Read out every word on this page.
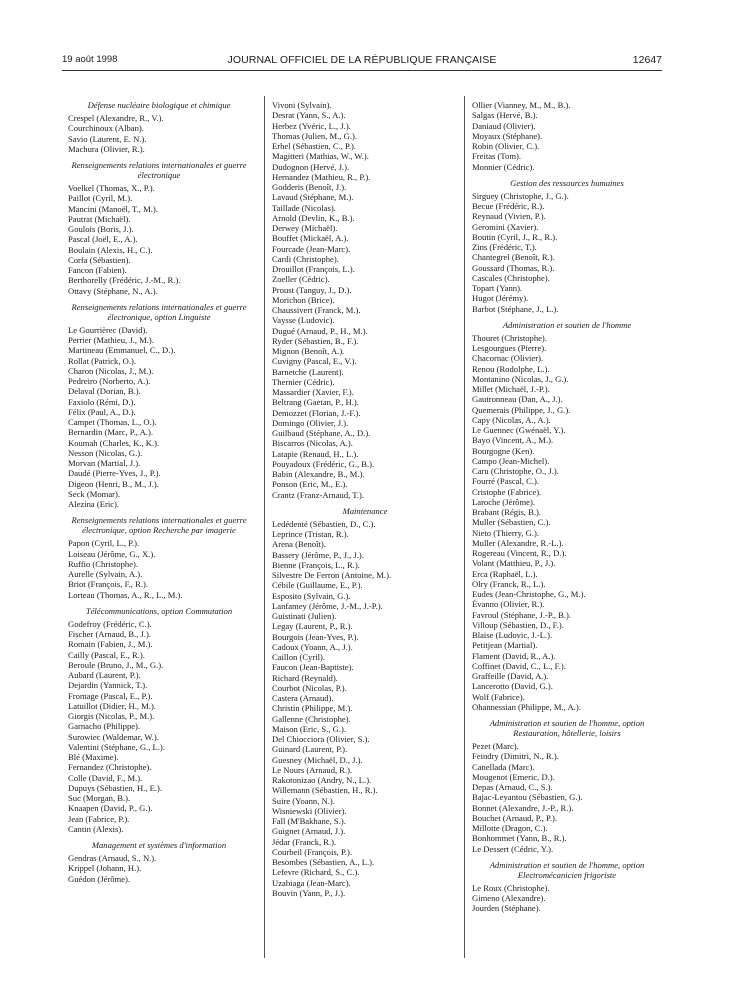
19 août 1998	JOURNAL OFFICIEL DE LA RÉPUBLIQUE FRANÇAISE	12647
Défense nucléaire biologique et chimique
Crespel (Alexandre, R., V.).
Courchinoux (Alban).
Savio (Laurent, E. N.).
Machura (Olivier, R.).
Renseignements relations internationales et guerre électronique
Voelkel (Thomas, X., P.).
Paillot (Cyril, M.).
Mancini (Manoël, T., M.).
Pautrat (Michaël).
Goulois (Boris, J.).
Pascal (Joël, E., A.).
Boulain (Alexis, H., C.).
Corfa (Sébastien).
Fancon (Fabien).
Berthorelly (Frédéric, J.-M., R.).
Ottavy (Stéphane, N., A.).
Renseignements relations internationales et guerre électronique, option Linguiste
Le Gourrièrec (David).
Perrier (Mathieu, J., M.).
Martineau (Emmanuel, C., D.).
Rollat (Patrick, O.).
Charon (Nicolas, J., M.).
Pedreiro (Norberto, A.).
Delaval (Dorian, B.).
Faxiolo (Rémi, D.).
Félix (Paul, A., D.).
Campet (Thomas, L., O.).
Bernardin (Marc, P., A.).
Koumah (Charles, K., K.).
Nesson (Nicolas, G.).
Morvan (Martial, J.).
Daudé (Pierre-Yves, J., P.).
Digeon (Henri, B., M., J.).
Seck (Momar).
Alezina (Eric).
Renseignements relations internationales et guerre électronique, option Recherche par imagerie
Papon (Cyril, L., P.).
Loiseau (Jérôme, G., X.).
Ruffio (Christophe).
Aurelle (Sylvain, A.).
Briot (François, F., R.).
Lorteau (Thomas, A., R., L., M.).
Télécommunications, option Commutation
Godefroy (Frédéric, C.).
Fischer (Arnaud, B., J.).
Romain (Fabien, J., M.).
Cailly (Pascal, E., R.).
Beroule (Bruno, J., M., G.).
Aubard (Laurent, P.).
Dejardin (Yannick, T.).
Fromage (Pascal, E., P.).
Latuillot (Didier, H., M.).
Giorgis (Nicolas, P., M.).
Garnacho (Philippe).
Surowiec (Waldemar, W.).
Valentini (Stéphane, G., L.).
Blé (Maxime).
Fernandez (Christophe).
Colle (David, F., M.).
Dupuys (Sébastien, H., E.).
Suc (Morgan, B.).
Knaapen (David, P., G.).
Jean (Fabrice, P.).
Cantin (Alexis).
Management et systèmes d'information
Gendras (Arnaud, S., N.).
Krippel (Johann, H.).
Guédon (Jérôme).
Vivoni (Sylvain).
Desrat (Yann, S., A.).
Herbez (Yvéric, L., J.).
Thomas (Julien, M., G.).
Erhel (Sébastien, C., P.).
Magitteri (Mathias, W., W.).
Dudognon (Hervé, J.).
Hernandez (Mathieu, R., P.).
Godderis (Benoît, J.).
Lavaud (Stéphane, M.).
Taillade (Nicolas).
Arnold (Devlin, K., B.).
Derwey (Michaël).
Bouffet (Mickaël, A.).
Fourcade (Jean-Marc).
Cardi (Christophe).
Drouillot (François, L.).
Zoeller (Cédric).
Proust (Tanguy, J., D.).
Morichon (Brice).
Chaussivert (Franck, M.).
Vaysse (Ludovic).
Dugué (Arnaud, P., H., M.).
Ryder (Sébastien, B., F.).
Mignon (Benoît, A.).
Cuvigny (Pascal, E., V.).
Barnetche (Laurent).
Thernier (Cédric).
Massardier (Xavier, F.).
Beltrang (Gaetan, P., H.).
Demozzet (Florian, J.-F.).
Domingo (Olivier, J.).
Guilbaud (Stéphane, A., D.).
Biscarros (Nicolas, A.).
Latapie (Renaud, H., L.).
Pouyadoux (Frédéric, G., B.).
Babin (Alexandre, B., M.).
Ponson (Eric, M., E.).
Crantz (Franz-Arnaud, T.).
Maintenance
Ledédenté (Sébastien, D., C.).
Leprince (Tristan, R.).
Arena (Benoît).
Bassery (Jérôme, P., J., J.).
Bienne (François, L., R.).
Silvestre De Ferron (Antoine, M.).
Cébile (Guillaume, E., P.).
Esposito (Sylvain, G.).
Lanfamey (Jérôme, J.-M., J.-P.).
Guistinati (Julien).
Legay (Laurent, P., R.).
Bourgois (Jean-Yves, P.).
Cadoux (Yoann, A., J.).
Caillon (Cyril).
Faucon (Jean-Baptiste).
Richard (Reynald).
Courbot (Nicolas, P.).
Castera (Arnaud).
Christin (Philippe, M.).
Gallenne (Christophe).
Maison (Eric, S., G.).
Del Chiocciora (Olivier, S.).
Guinard (Laurent, P.).
Guesney (Michaël, D., J.).
Le Nours (Arnaud, R.).
Rakotonizao (Andry, N., L.).
Willemann (Sébastien, H., R.).
Suire (Yoann, N.).
Wisniewski (Olivier).
Fall (M'Bakhane, S.).
Guignet (Arnaud, J.).
Jédar (Franck, R.).
Courbeil (François, P.).
Besombes (Sébastien, A., L.).
Lefevre (Richard, S., C.).
Uzabiaga (Jean-Marc).
Bouvin (Yann, P., J.).
Ollier (Vianney, M., M., B.).
Salgas (Hervé, B.).
Daniaud (Olivier).
Moyaux (Stéphane).
Robin (Olivier, C.).
Freitas (Tom).
Monnier (Cédric).
Gestion des ressources humaines
Sirguey (Christophe, J., G.).
Becue (Frédéric, R.).
Reynaud (Vivien, P.).
Geromini (Xavier).
Boutin (Cyril, J., R., R.).
Zins (Frédéric, T.).
Chantegrel (Benoît, R.).
Goussard (Thomas, R.).
Cascales (Christophe).
Topart (Yann).
Hugot (Jérémy).
Barbot (Stéphane, J., L.).
Administration et soutien de l'homme
Thouret (Christophe).
Lesgourgues (Pierre).
Chacornac (Olivier).
Renou (Rodolphe, L.).
Montanino (Nicolas, J., G.).
Millet (Michaël, J.-P.).
Gautronneau (Dan, A., J.).
Quemerais (Philippe, J., G.).
Capy (Nicolas, A., A.).
Le Guennec (Gwénaël, Y.).
Bayo (Vincent, A., M.).
Bourgogne (Ken).
Campo (Jean-Michel).
Caru (Christophe, O., J.).
Fourré (Pascal, C.).
Cristophe (Fabrice).
Laroche (Jérôme).
Brabant (Régis, B.).
Muller (Sébastien, C.).
Nieto (Thierry, G.).
Muller (Alexandre, R.-L.).
Rogereau (Vincent, R., D.).
Volant (Matthieu, P., J.).
Erca (Raphaël, L.).
Olry (Franck, R., L.).
Eudes (Jean-Christophe, G., M.).
Évanno (Olivier, R.).
Favroul (Stéphane, J.-P., B.).
Villoup (Sébastien, D., F.).
Blaise (Ludovic, J.-L.).
Petitjean (Martial).
Flament (David, R., A.).
Coffinet (David, C., L., F.).
Graffeille (David, A.).
Lancerotto (David, G.).
Wolf (Fabrice).
Ohannessian (Philippe, M., A.).
Administration et soutien de l'homme, option Restauration, hôtellerie, loisirs
Pezet (Marc).
Feindry (Dimitri, N., R.).
Canellada (Marc).
Mougenot (Emeric, D.).
Depas (Arnaud, C., S.).
Bajac-Leyantou (Sébastien, G.).
Bonnet (Alexandre, J.-P., R.).
Bouchet (Arnaud, P., P.).
Millotte (Dragon, C.).
Bonhommet (Yann, B., R.).
Le Dessert (Cédric, Y.).
Administration et soutien de l'homme, option Electromécanicien frigoriste
Le Roux (Christophe).
Gimeno (Alexandre).
Jourden (Stéphane).
